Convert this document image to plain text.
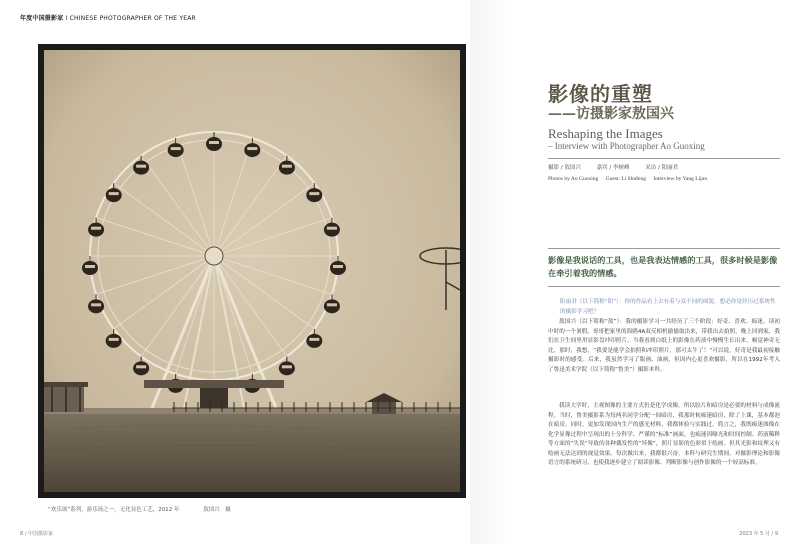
年度中国摄影家 I CHINESE PHOTOGRAPHER OF THE YEAR
“欢乐颂”系列，游乐场之一，无化显色工艺，2012 年	敖国兴　摄
影像的重塑
——访摄影家敖国兴
Reshaping the Images
– Interview with Photographer Ao Guoxing
摄影 / 敖国兴	嘉宾 / 李树峰	采访 / 阳丽君
Photos by Ao Guoxing Guest: Li Shufeng Interview by Yang Lijun
影像是我说话的工具，也是我表达情感的工具，很多时候是影像在牵引着我的情感。
阳丽君（以下简称“阳”）：你的作品看上去有着与众不同的面貌，想必你是经历过系统性的摄影学习吧？

敖国兴（以下简称“敖”）：我的摄影学习一共经历了三个阶段：好奇、喜欢、痴迷。读初中时的一个暑假，哥哥把家里的海鸥4A双反相机偷偷取出来，带我出去拍照，晚上回到家，我们在卫生间里用显影盘冲印照片。当我看到白纸上的影像在药液中慢慢生长出来，顿觉神奇无比。那时，我想，“我要是能学会拍照和冲印照片，那可太牛了！”可以说，好奇是我最初接触摄影时的感受。后来，我虽然学习了版画、油画，但因内心更喜欢摄影，所以在1992年考入了鲁迅美术学院（以下简称“鲁美”）摄影本科。

我读大学时，主观图像的主要方式仍是化学成像，所以胶片和暗房是必要的材料与成像流程。当时，鲁美摄影系为每两名同学分配一间暗房，我那时候痴迷暗房，除了上课，基本都泡在暗房。同时，更加发现国内生产的感光材料，我都体验与实践过，简言之，我既痴迷图像在化学显像过程中呈现出的十分科学、严谨的“标准”画面，也痴迷因曝光和时间控制、药液稀释等方面的“失误”导致的各种偶发性的“坏像”，照片显影的色彩似于绘画。但其光影和纹理又有绘画无法达到的视觉效果。每次做出来，我都很兴奋。本科与研究生期间，对摄影理论和影像语言的系统研习，也使我逐步建立了阅读影像、判断影像与创作影像的一个较高标准。

8 / 中国摄影家	2023 年 5 月 / 9
